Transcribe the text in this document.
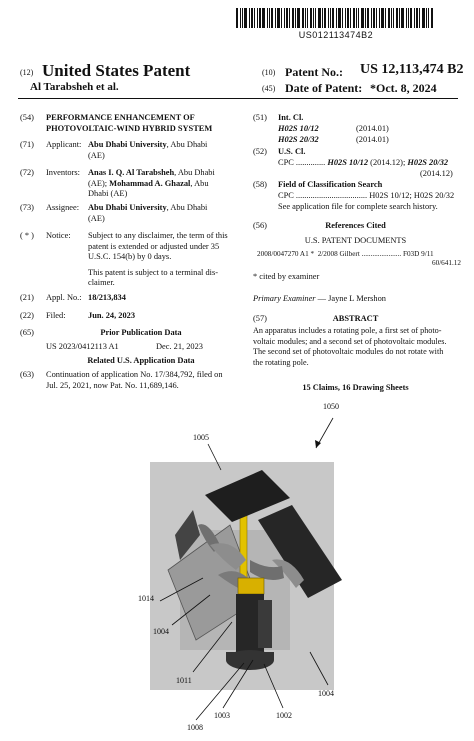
US012113474B2
(12) United States Patent
Al Tarabsheh et al.
(10) Patent No.: US 12,113,474 B2
(45) Date of Patent: *Oct. 8, 2024
(54) PERFORMANCE ENHANCEMENT OF PHOTOVOLTAIC-WIND HYBRID SYSTEM
(71) Applicant: Abu Dhabi University, Abu Dhabi
(AE)
(72) Inventors: Anas I. Q. Al Tarabsheh, Abu Dhabi
(AE); Mohammad A. Ghazal, Abu
Dhabi (AE)
(73) Assignee: Abu Dhabi University, Abu Dhabi
(AE)
( * ) Notice: Subject to any disclaimer, the term of this
patent is extended or adjusted under 35
U.S.C. 154(b) by 0 days.

This patent is subject to a terminal dis-
claimer.
(21) Appl. No.: 18/213,834
(22) Filed:	Jun. 24, 2023
(65)	Prior Publication Data
US 2023/0412113 A1	Dec. 21, 2023
Related U.S. Application Data
(63) Continuation of application No. 17/384,792, filed on
Jul. 25, 2021, now Pat. No. 11,689,146.
(51) Int. Cl.
H02S 10/12	(2014.01)
H02S 20/32	(2014.01)
(52) U.S. Cl.
CPC .............. H02S 10/12 (2014.12); H02S 20/32
(2014.12)
(58) Field of Classification Search
CPC .................................. H02S 10/12; H02S 20/32
See application file for complete search history.
(56)	References Cited
U.S. PATENT DOCUMENTS
2008/0047270 A1 * 2/2008 Gilbert ...................... F03D 9/11
60/641.12
* cited by examiner
Primary Examiner — Jayne L Mershon
(57)	ABSTRACT
An apparatus includes a rotating pole, a first set of photo-
voltaic modules; and a second set of photovoltaic modules.
The second set of photovoltaic modules do not rotate with
the rotating pole.
15 Claims, 16 Drawing Sheets
1050
1005
1014
1004
1011
1004
1003	1002
1008
